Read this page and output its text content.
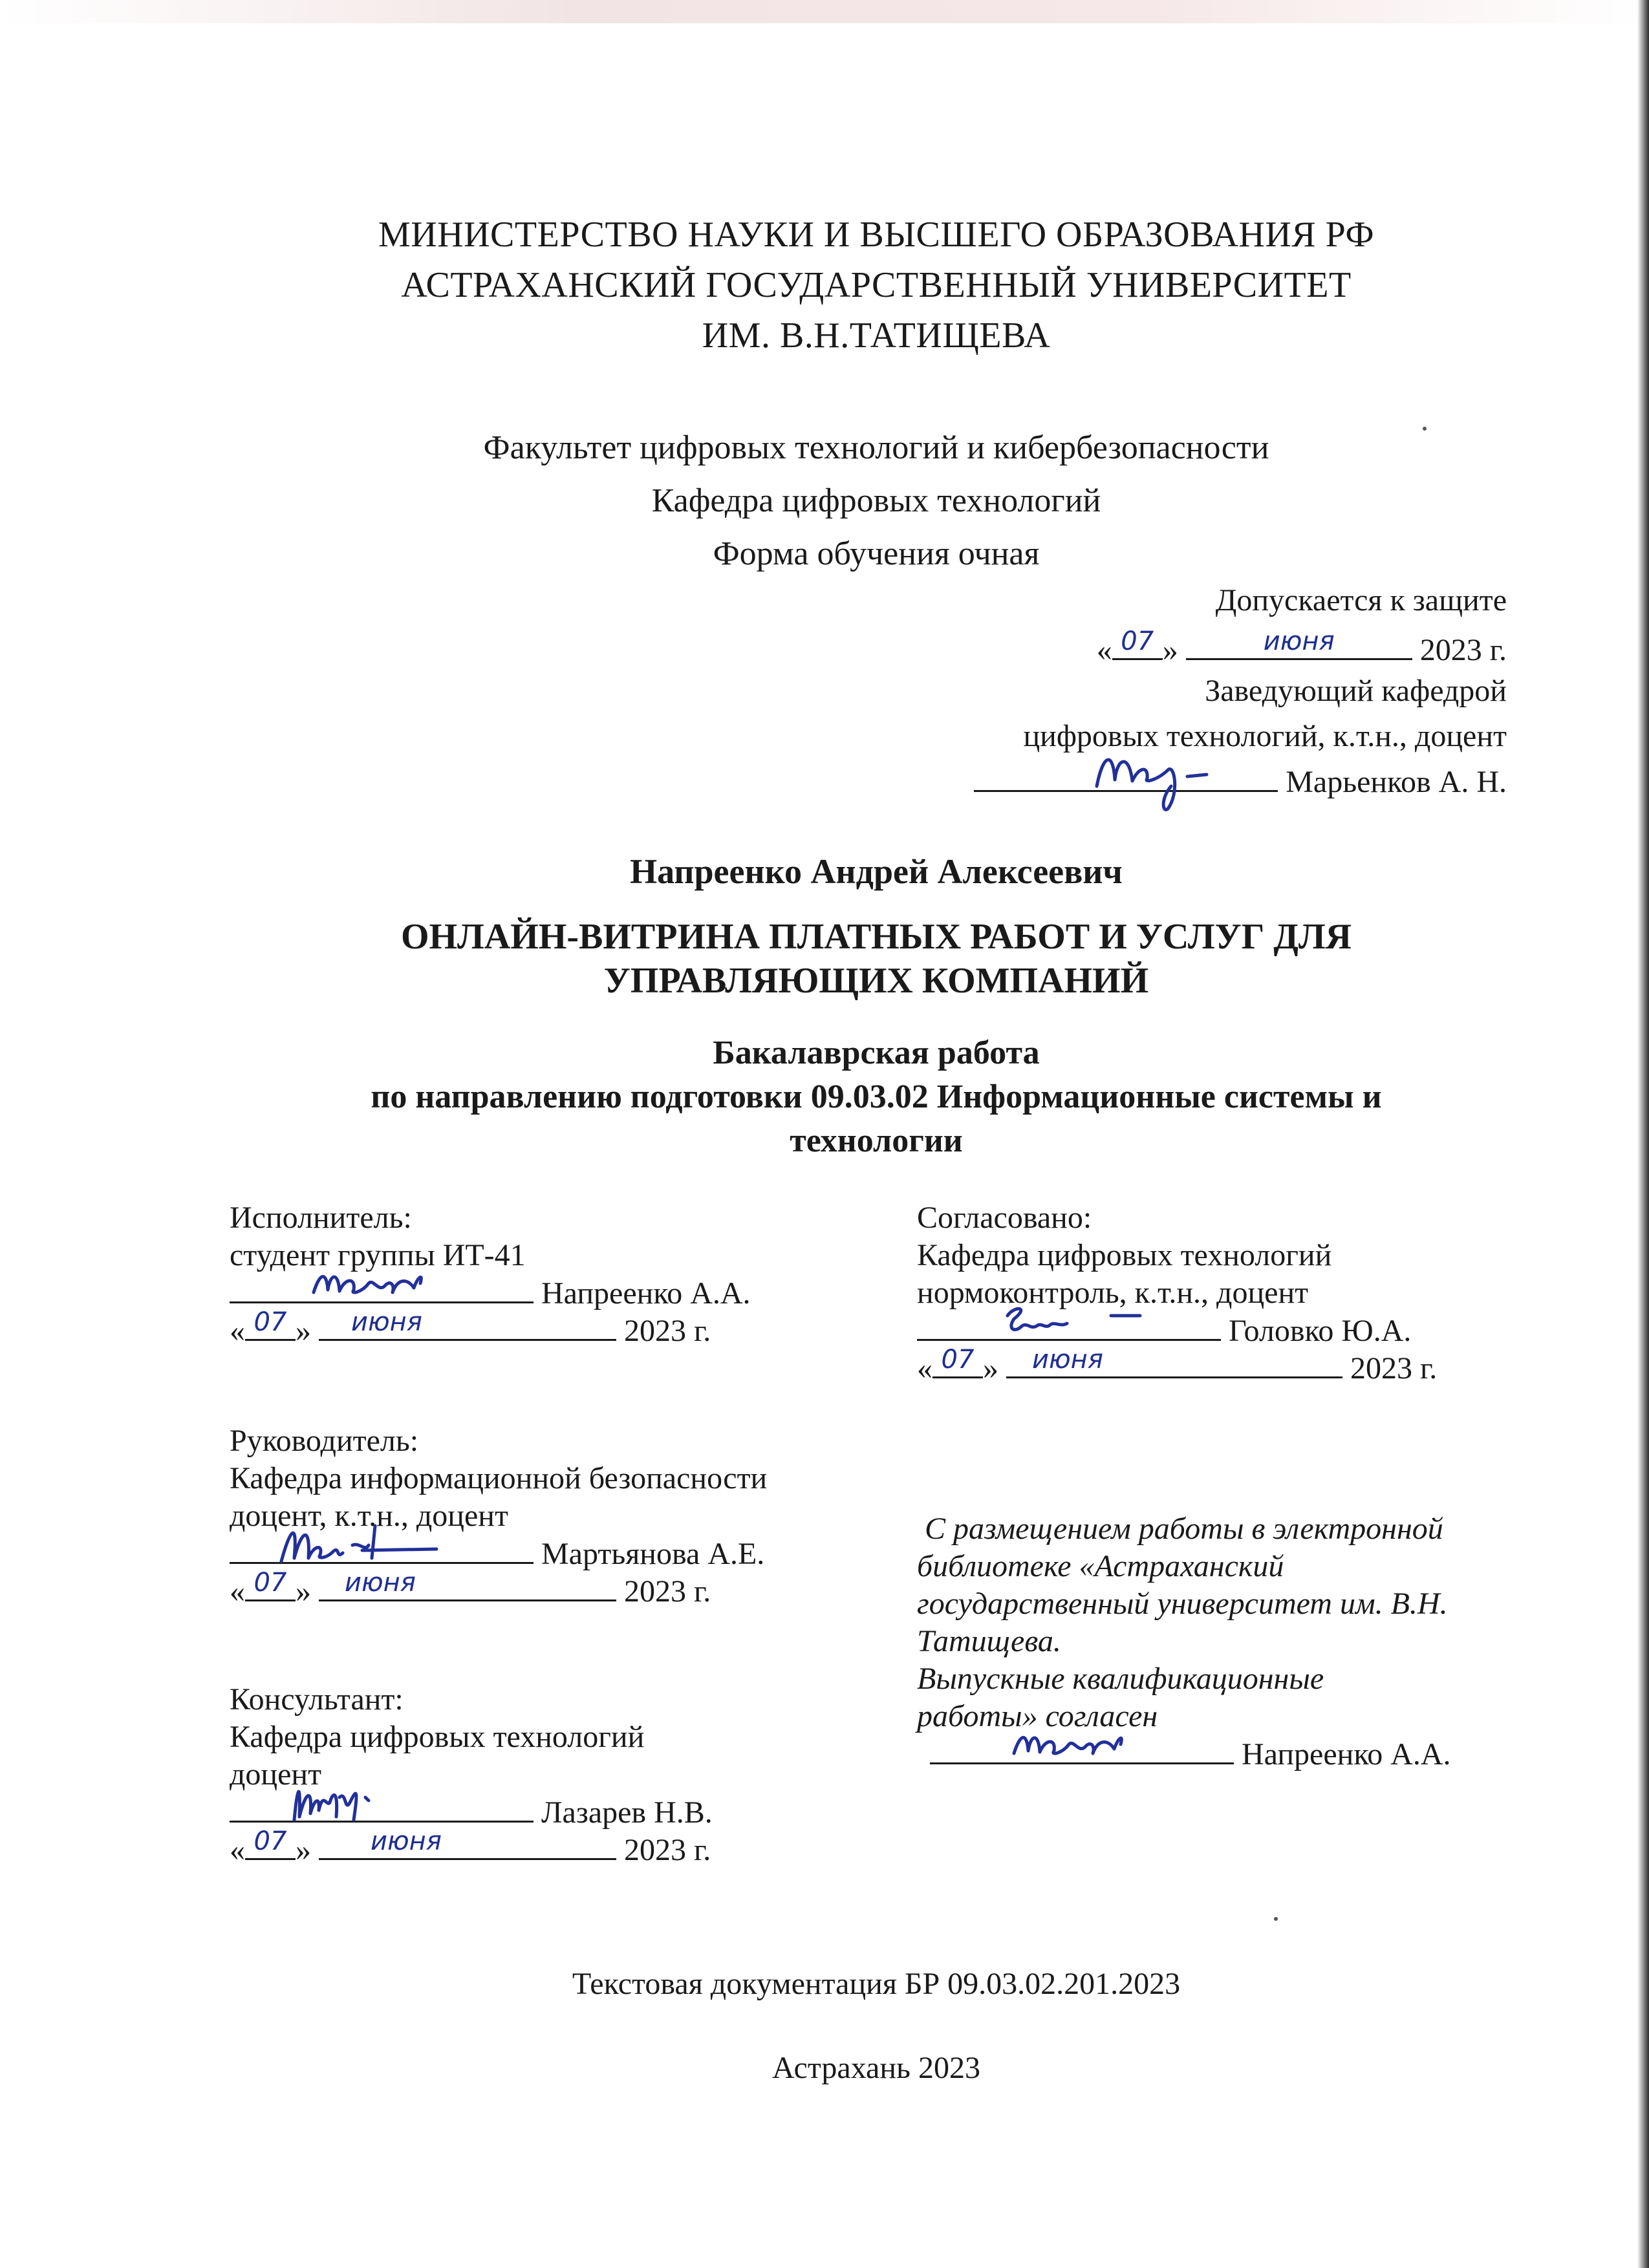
МИНИСТЕРСТВО НАУКИ И ВЫСШЕГО ОБРАЗОВАНИЯ РФ
АСТРАХАНСКИЙ ГОСУДАРСТВЕННЫЙ УНИВЕРСИТЕТ
ИМ. В.Н.ТАТИЩЕВА
Факультет цифровых технологий и кибербезопасности
Кафедра цифровых технологий
Форма обучения очная
Допускается к защите
« 07 »	июня	2023 г.
Заведующий кафедрой
цифровых технологий, к.т.н., доцент
Марьенков А. Н.
Напреенко Андрей Алексеевич
ОНЛАЙН-ВИТРИНА ПЛАТНЫХ РАБОТ И УСЛУГ ДЛЯ
УПРАВЛЯЮЩИХ КОМПАНИЙ
Бакалаврская работа
по направлению подготовки 09.03.02 Информационные системы и
технологии
Исполнитель:
студент группы ИТ-41
Напреенко А.А.
« 07 »	июня	2023 г.
Согласовано:
Кафедра цифровых технологий
нормоконтроль, к.т.н., доцент
Головко Ю.А.
« 07 »	июня	2023 г.
Руководитель:
Кафедра информационной безопасности
доцент, к.т.н., доцент
Мартьянова А.Е.
« 07 »	июня	2023 г.
С размещением работы в электронной
библиотеке «Астраханский
государственный университет им. В.Н.
Татищева.
Выпускные квалификационные
работы» согласен
Напреенко А.А.
Консультант:
Кафедра цифровых технологий
доцент
Лазарев Н.В.
« 07 »	июня	2023 г.
Текстовая документация БР 09.03.02.201.2023
Астрахань 2023
